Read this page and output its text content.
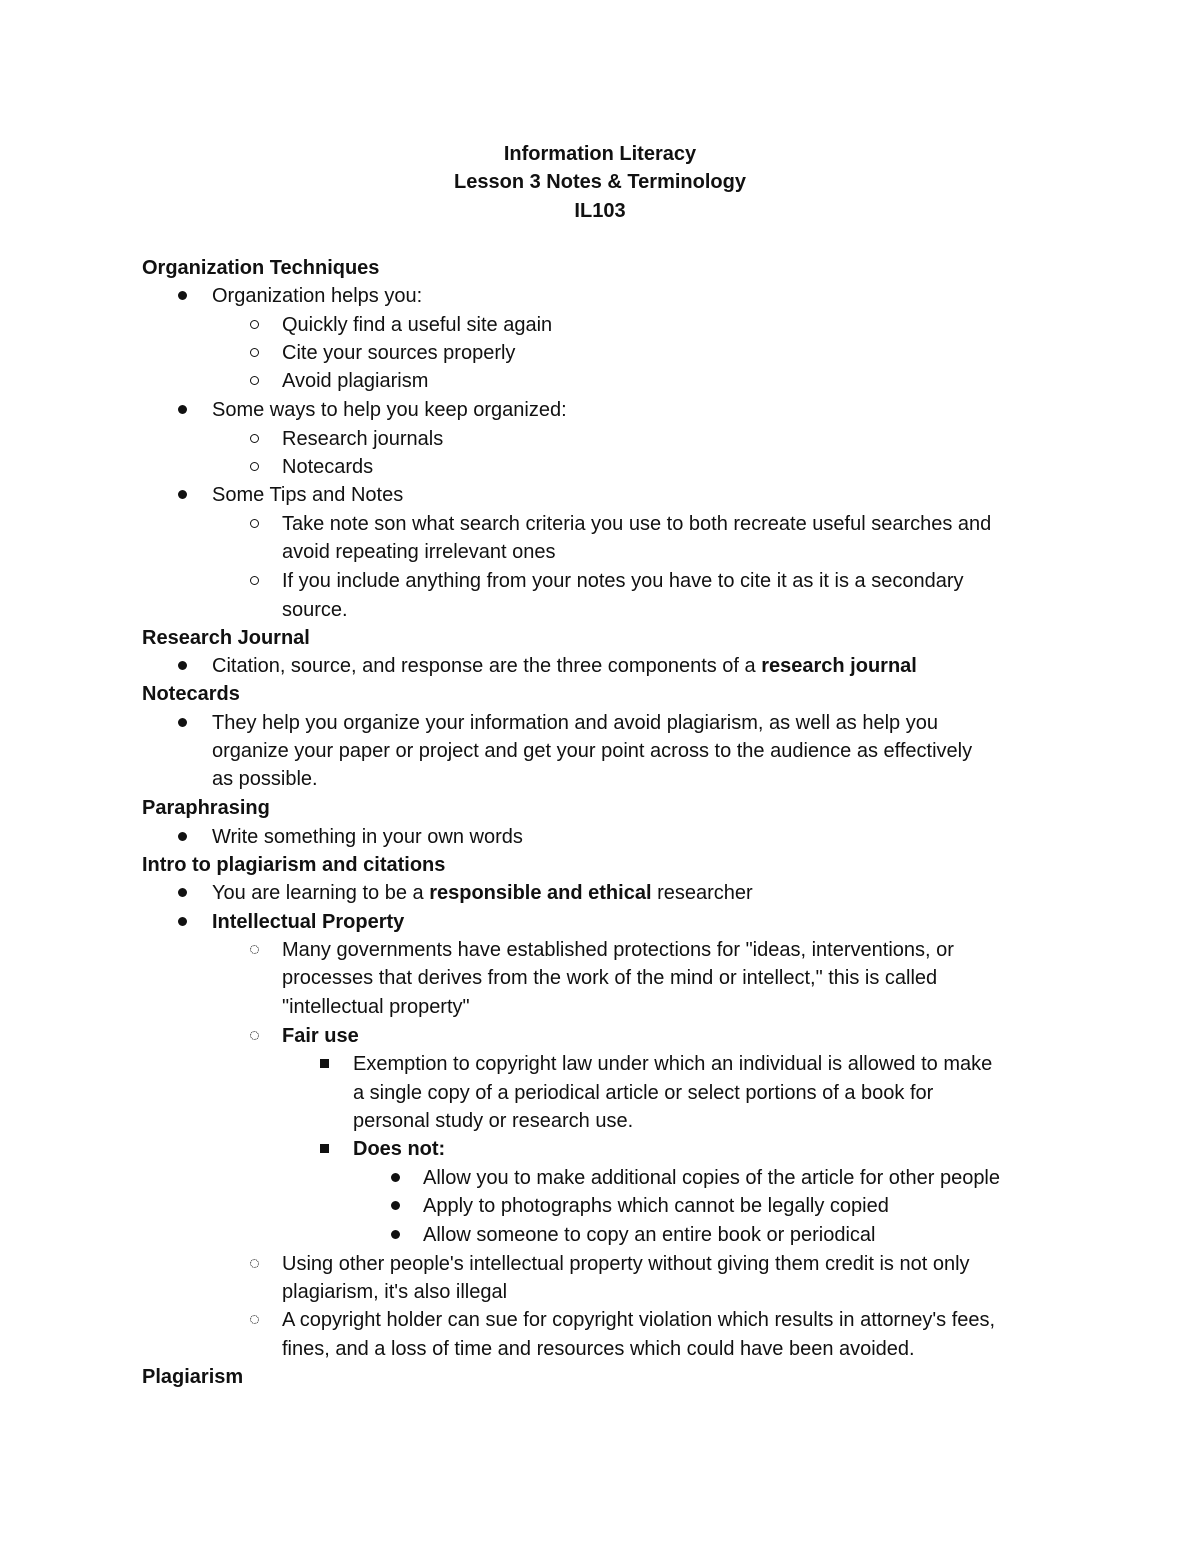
Information Literacy
Lesson 3 Notes & Terminology
IL103
Organization Techniques
Organization helps you:
Quickly find a useful site again
Cite your sources properly
Avoid plagiarism
Some ways to help you keep organized:
Research journals
Notecards
Some Tips and Notes
Take note son what search criteria you use to both recreate useful searches and
avoid repeating irrelevant ones
If you include anything from your notes you have to cite it as it is a secondary
source.
Research Journal
Citation, source, and response are the three components of a research journal
Notecards
They help you organize your information and avoid plagiarism, as well as help you
organize your paper or project and get your point across to the audience as effectively
as possible.
Paraphrasing
Write something in your own words
Intro to plagiarism and citations
You are learning to be a responsible and ethical researcher
Intellectual Property
Many governments have established protections for "ideas, interventions, or
processes that derives from the work of the mind or intellect," this is called
"intellectual property"
Fair use
Exemption to copyright law under which an individual is allowed to make
a single copy of a periodical article or select portions of a book for
personal study or research use.
Does not:
Allow you to make additional copies of the article for other people
Apply to photographs which cannot be legally copied
Allow someone to copy an entire book or periodical
Using other people's intellectual property without giving them credit is not only
plagiarism, it's also illegal
A copyright holder can sue for copyright violation which results in attorney's fees,
fines, and a loss of time and resources which could have been avoided.
Plagiarism
